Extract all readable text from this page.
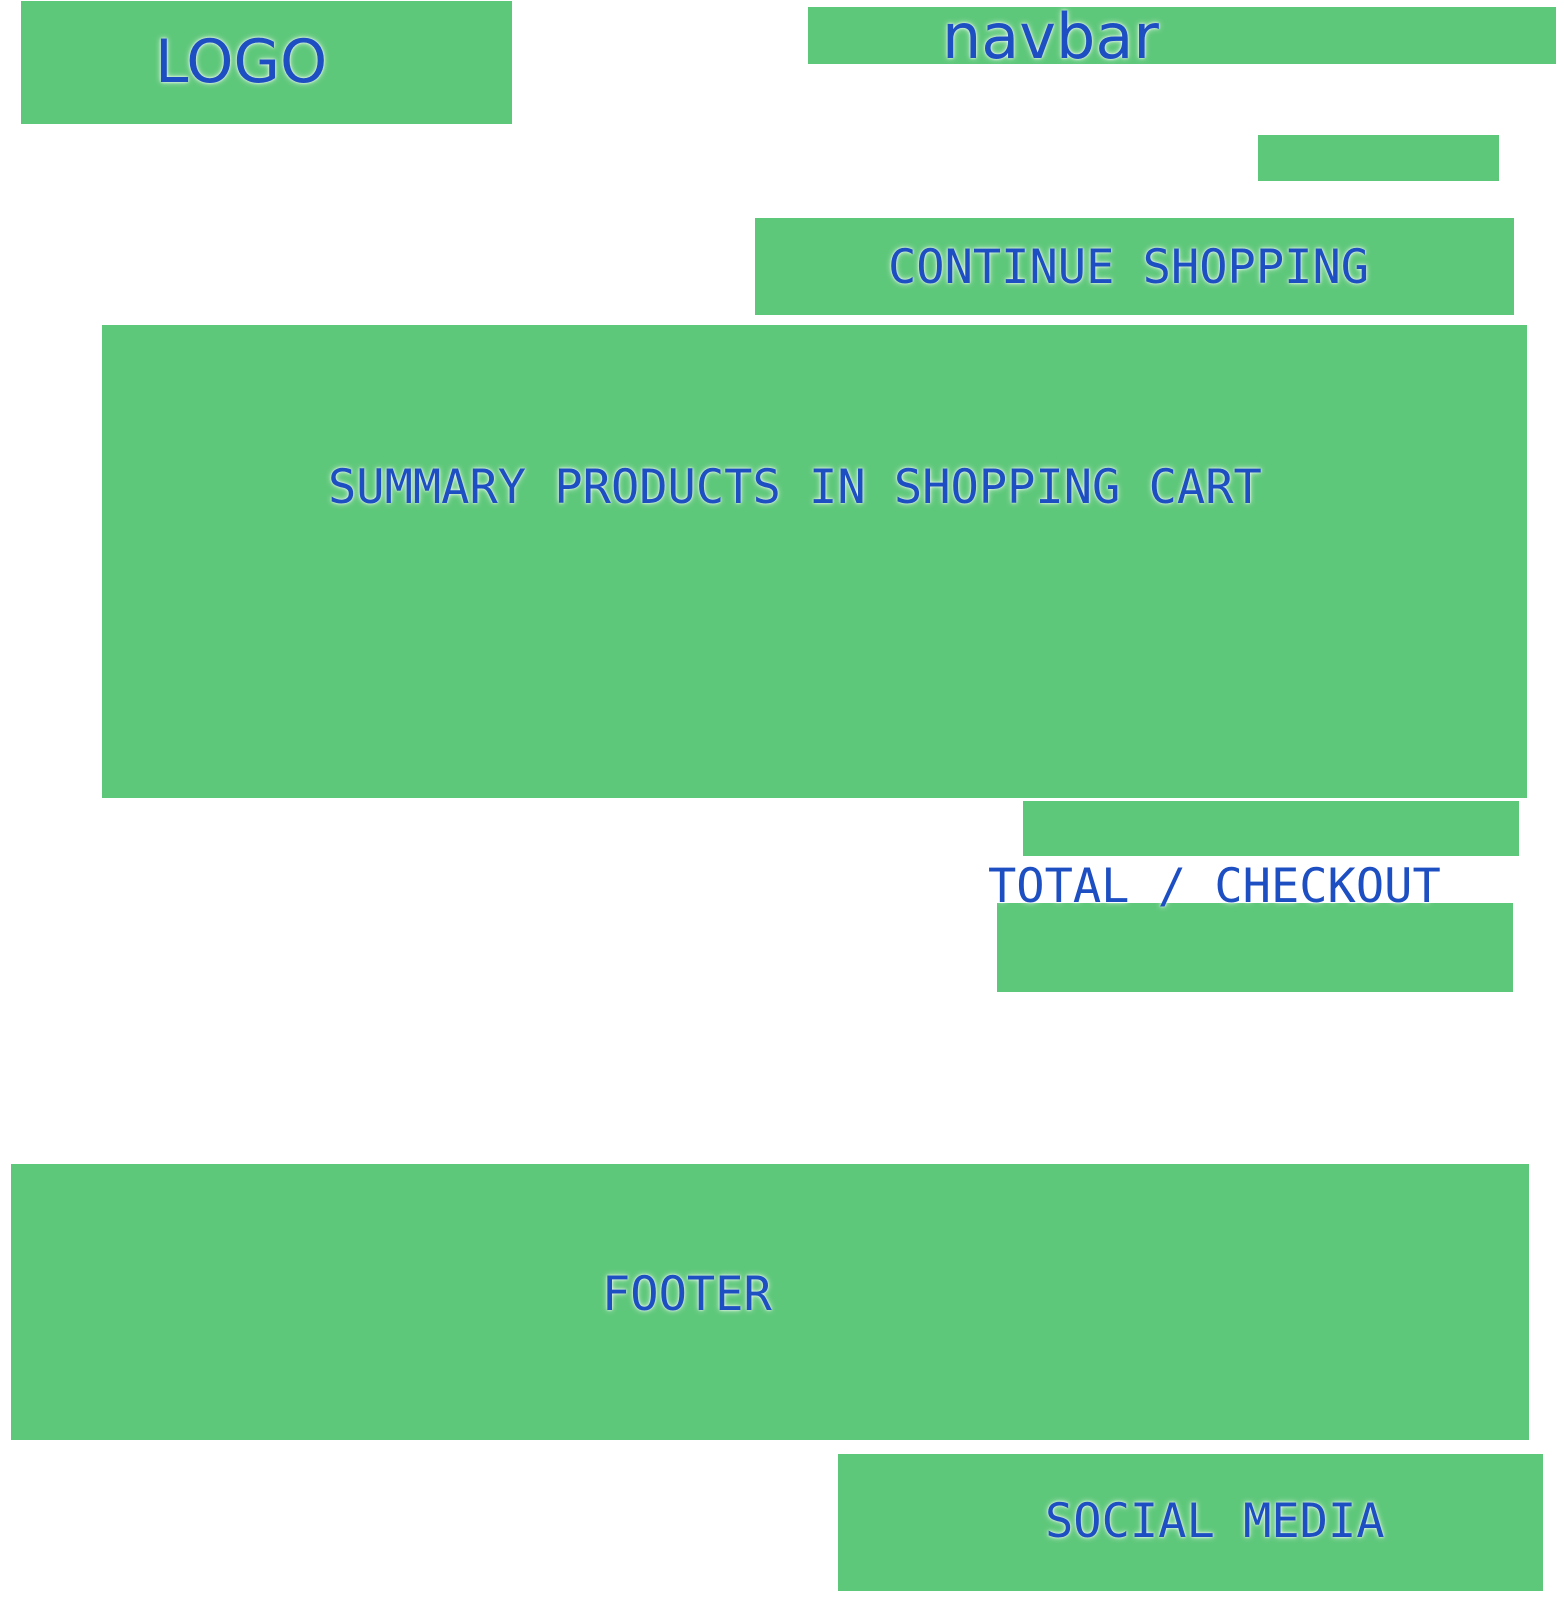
LOGO	navbar
CONTINUE SHOPPING
SUMMARY PRODUCTS IN SHOPPING CART
TOTAL / CHECKOUT
FOOTER
SOCIAL MEDIA
